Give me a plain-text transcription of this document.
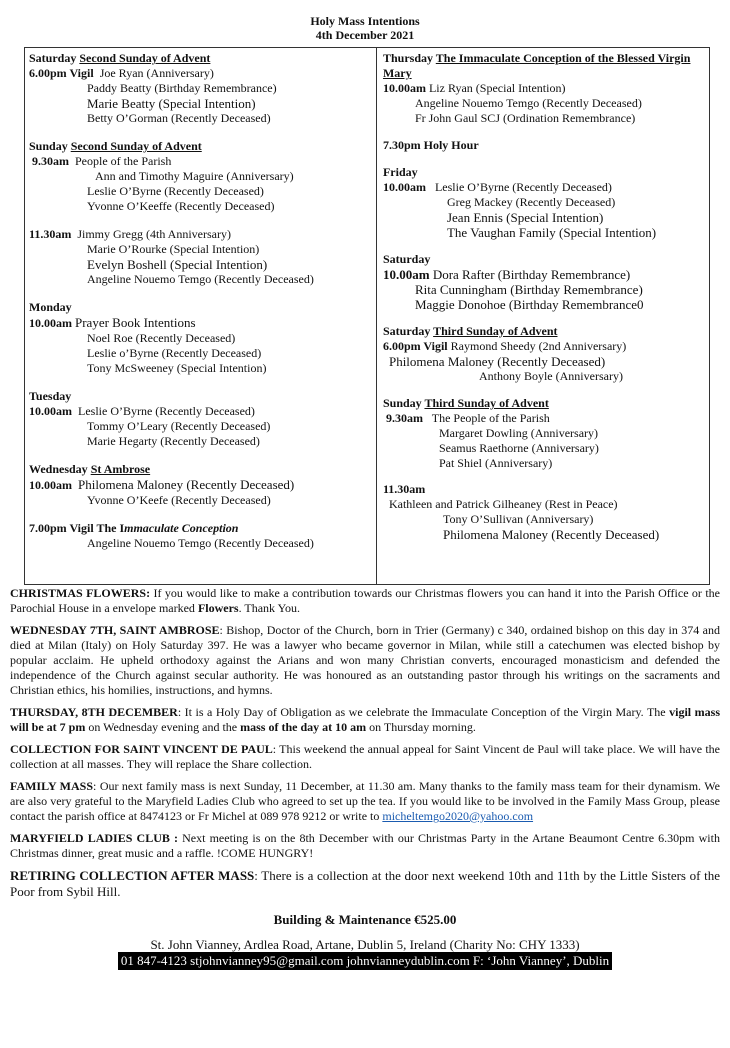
Holy Mass Intentions
4th December 2021
Saturday Second Sunday of Advent
6.00pm Vigil Joe Ryan (Anniversary)
Paddy Beatty (Birthday Remembrance)
Marie Beatty (Special Intention)
Betty O’Gorman (Recently Deceased)
Sunday Second Sunday of Advent
9.30am People of the Parish
Ann and Timothy Maguire (Anniversary)
Leslie O’Byrne (Recently Deceased)
Yvonne O’Keeffe (Recently Deceased)
11.30am Jimmy Gregg (4th Anniversary)
Marie O’Rourke (Special Intention)
Evelyn Boshell (Special Intention)
Angeline Nouemo Temgo (Recently Deceased)
Monday
10.00am Prayer Book Intentions
Noel Roe (Recently Deceased)
Leslie o’Byrne (Recently Deceased)
Tony McSweeney (Special Intention)
Tuesday
10.00am Leslie O’Byrne (Recently Deceased)
Tommy O’Leary (Recently Deceased)
Marie Hegarty (Recently Deceased)
Wednesday St Ambrose
10.00am Philomena Maloney (Recently Deceased)
Yvonne O’Keefe (Recently Deceased)
7.00pm Vigil The Immaculate Conception
Angeline Nouemo Temgo (Recently Deceased)
Thursday The Immaculate Conception of the Blessed Virgin Mary
10.00am Liz Ryan (Special Intention)
Angeline Nouemo Temgo (Recently Deceased)
Fr John Gaul SCJ (Ordination Remembrance)
7.30pm Holy Hour
Friday
10.00am Leslie O’Byrne (Recently Deceased)
Greg Mackey (Recently Deceased)
Jean Ennis (Special Intention)
The Vaughan Family (Special Intention)
Saturday
10.00am Dora Rafter (Birthday Remembrance)
Rita Cunningham (Birthday Remembrance)
Maggie Donohoe (Birthday Remembrance0
Saturday Third Sunday of Advent
6.00pm Vigil Raymond Sheedy (2nd Anniversary)
Philomena Maloney (Recently Deceased)
Anthony Boyle (Anniversary)
Sunday Third Sunday of Advent
9.30am The People of the Parish
Margaret Dowling (Anniversary)
Seamus Raethorne (Anniversary)
Pat Shiel (Anniversary)
11.30am
Kathleen and Patrick Gilheaney (Rest in Peace)
Tony O’Sullivan (Anniversary)
Philomena Maloney (Recently Deceased)
CHRISTMAS FLOWERS: If you would like to make a contribution towards our Christmas flowers you can hand it into the Parish Office or the Parochial House in a envelope marked Flowers. Thank You.
WEDNESDAY 7TH, SAINT AMBROSE: Bishop, Doctor of the Church, born in Trier (Germany) c 340, ordained bishop on this day in 374 and died at Milan (Italy) on Holy Saturday 397. He was a lawyer who became governor in Milan, while still a catechumen was elected bishop by popular acclaim. He upheld orthodoxy against the Arians and won many Christian converts, encouraged monasticism and defended the independence of the Church against secular authority. He was honoured as an outstanding pastor through his writings on the sacraments and Christian ethics, his homilies, instructions, and hymns.
THURSDAY, 8TH DECEMBER: It is a Holy Day of Obligation as we celebrate the Immaculate Conception of the Virgin Mary. The vigil mass will be at 7 pm on Wednesday evening and the mass of the day at 10 am on Thursday morning.
COLLECTION FOR SAINT VINCENT DE PAUL: This weekend the annual appeal for Saint Vincent de Paul will take place. We will have the collection at all masses. They will replace the Share collection.
FAMILY MASS: Our next family mass is next Sunday, 11 December, at 11.30 am. Many thanks to the family mass team for their dynamism. We are also very grateful to the Maryfield Ladies Club who agreed to set up the tea. If you would like to be involved in the Family Mass Group, please contact the parish office at 8474123 or Fr Michel at 089 978 9212 or write to micheltemgo2020@yahoo.com
MARYFIELD LADIES CLUB : Next meeting is on the 8th December with our Christmas Party in the Artane Beaumont Centre 6.30pm with Christmas dinner, great music and a raffle. !COME HUNGRY!
RETIRING COLLECTION AFTER MASS: There is a collection at the door next weekend 10th and 11th by the Little Sisters of the Poor from Sybil Hill.
Building & Maintenance €525.00
St. John Vianney, Ardlea Road, Artane, Dublin 5, Ireland (Charity No: CHY 1333)
01 847-4123 stjohnvianney95@gmail.com johnvianneydublin.com F: ‘John Vianney’, Dublin
